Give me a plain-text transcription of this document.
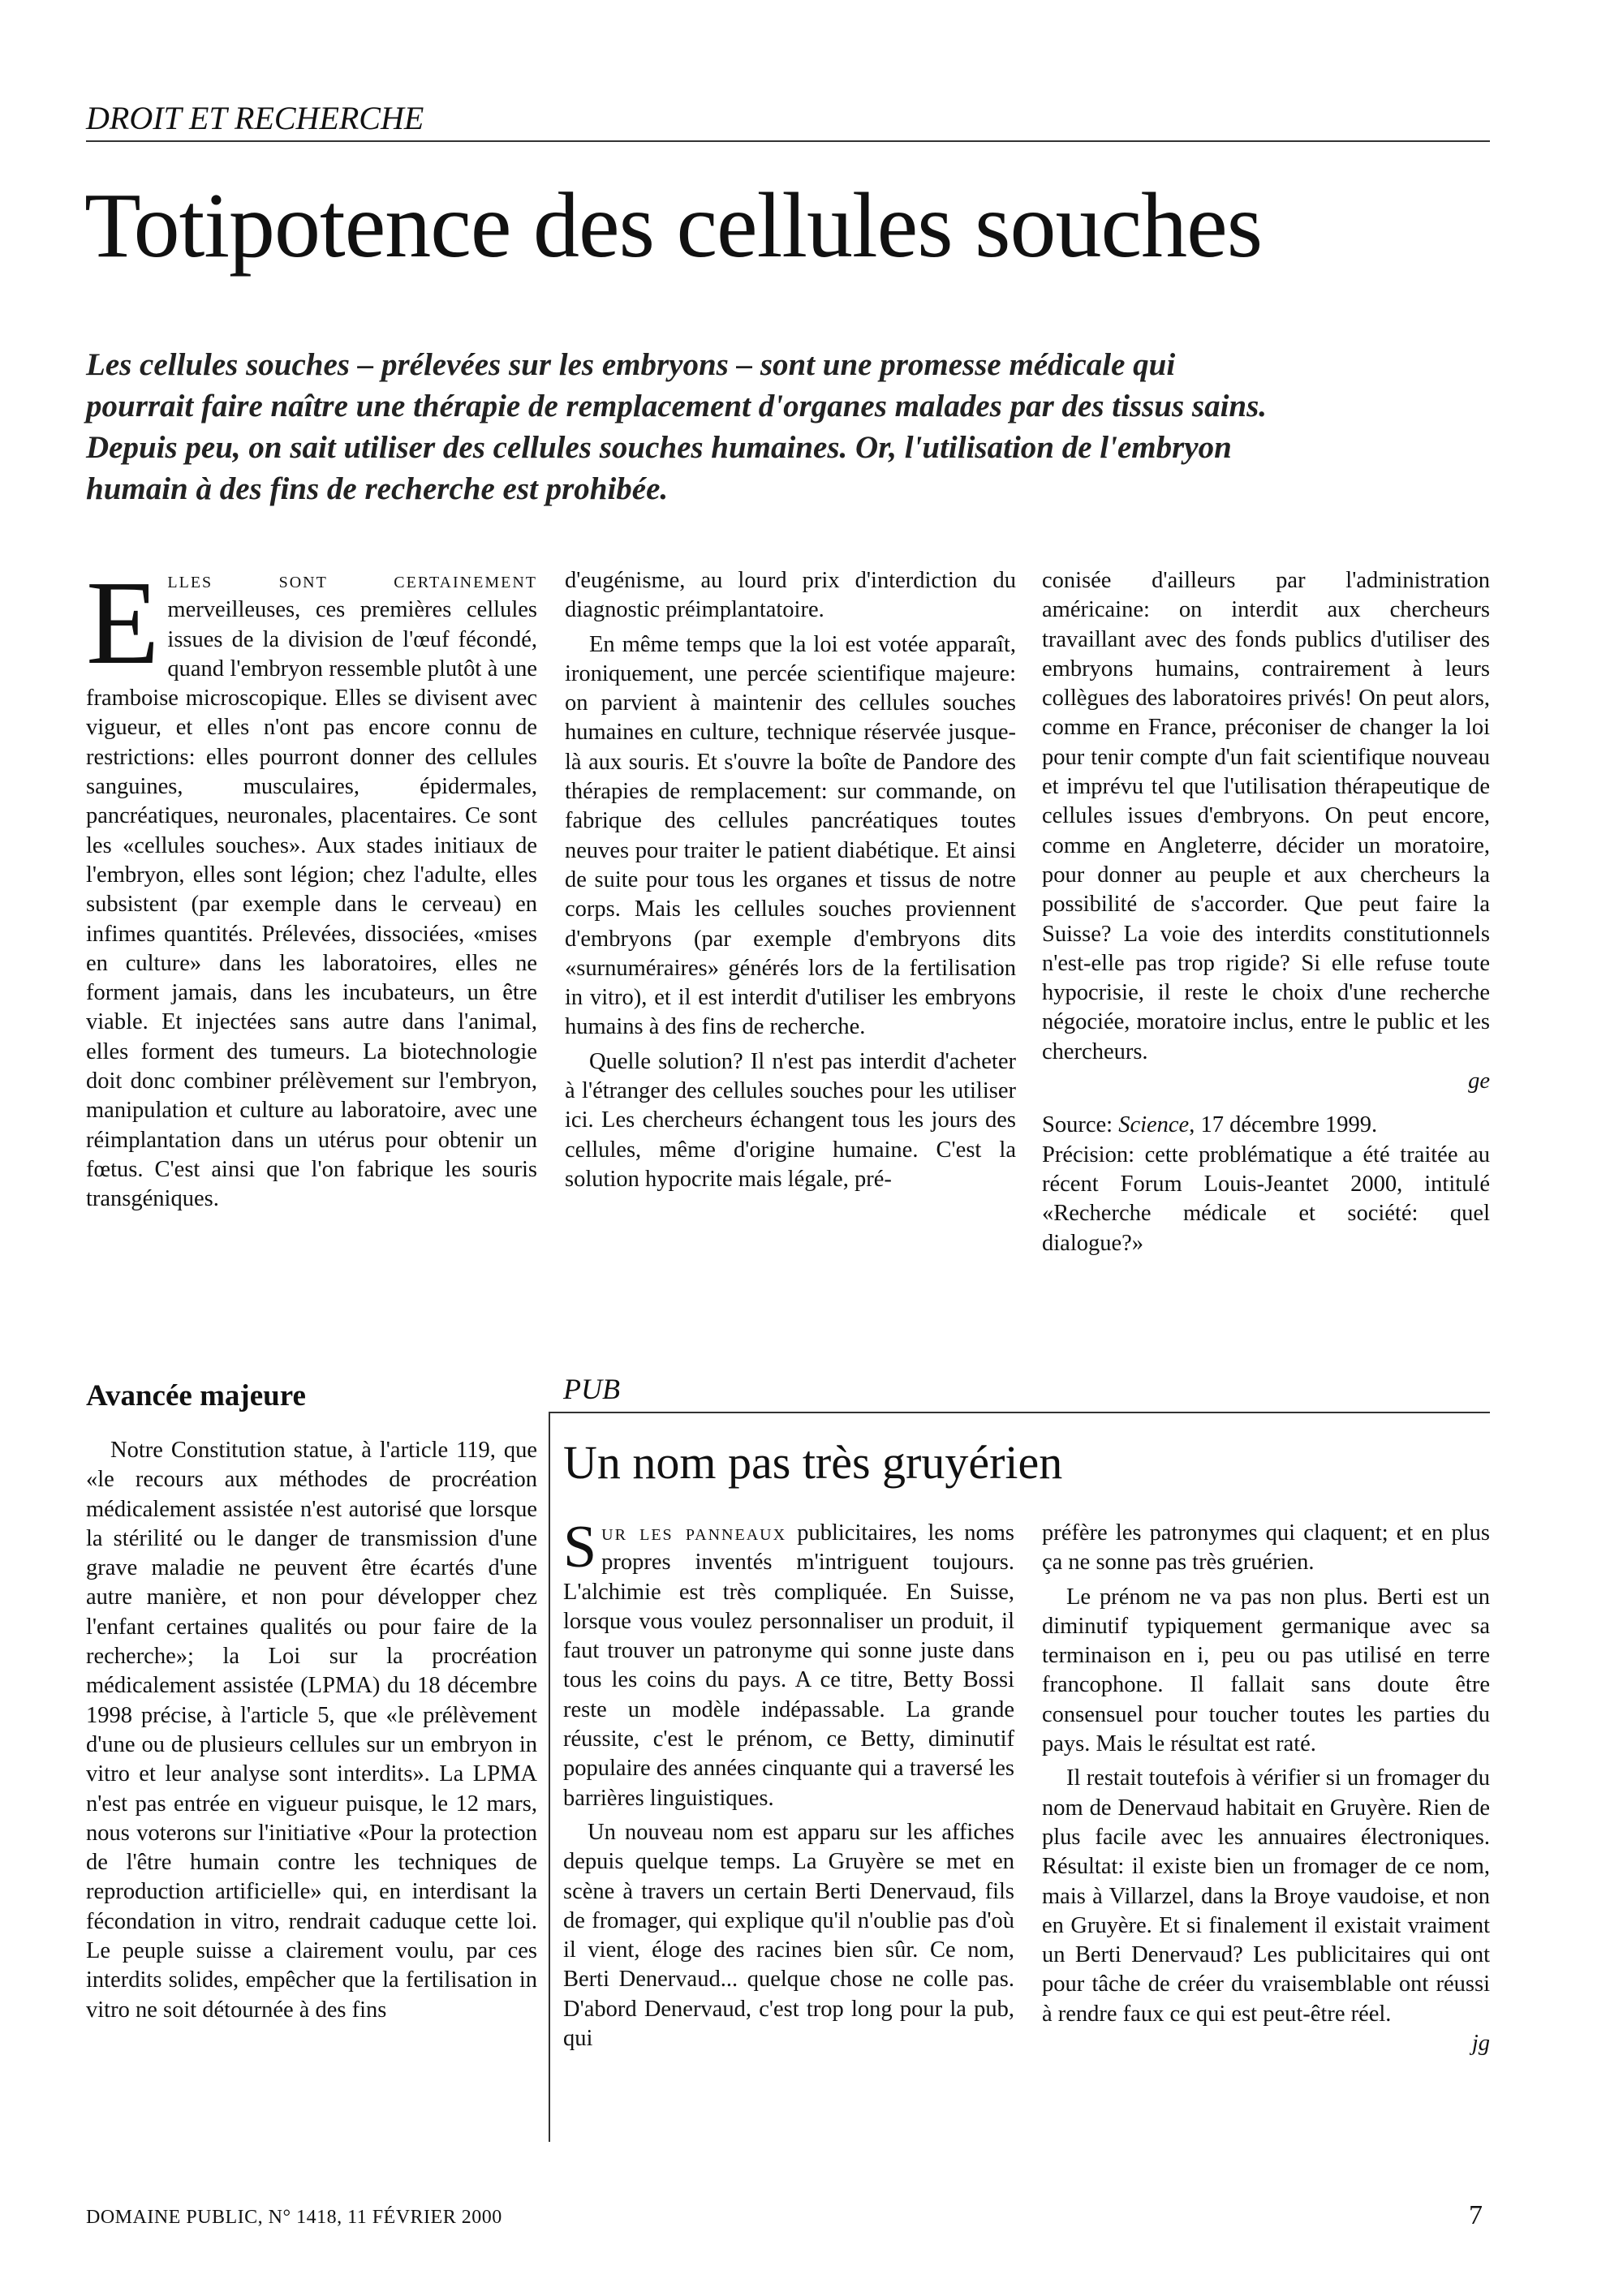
DROIT ET RECHERCHE
Totipotence des cellules souches
Les cellules souches – prélevées sur les embryons – sont une promesse médicale qui pourrait faire naître une thérapie de remplacement d'organes malades par des tissus sains. Depuis peu, on sait utiliser des cellules souches humaines. Or, l'utilisation de l'embryon humain à des fins de recherche est prohibée.

Elles sont certainement merveilleuses, ces premières cellules issues de la division de l'œuf fécondé, quand l'embryon ressemble plutôt à une framboise microscopique. Elles se divisent avec vigueur, et elles n'ont pas encore connu de restrictions: elles pourront donner des cellules sanguines, musculaires, épidermales, pancréatiques, neuronales, placentaires. Ce sont les «cellules souches». Aux stades initiaux de l'embryon, elles sont légion; chez l'adulte, elles subsistent (par exemple dans le cerveau) en infimes quantités. Prélevées, dissociées, «mises en culture» dans les laboratoires, elles ne forment jamais, dans les incubateurs, un être viable. Et injectées sans autre dans l'animal, elles forment des tumeurs. La biotechnologie doit donc combiner prélèvement sur l'embryon, manipulation et culture au laboratoire, avec une réimplantation dans un utérus pour obtenir un fœtus. C'est ainsi que l'on fabrique les souris transgéniques.

Avancée majeure

Notre Constitution statue, à l'article 119, que «le recours aux méthodes de procréation médicalement assistée n'est autorisé que lorsque la stérilité ou le danger de transmission d'une grave maladie ne peuvent être écartés d'une autre manière, et non pour développer chez l'enfant certaines qualités ou pour faire de la recherche»; la Loi sur la procréation médicalement assistée (LPMA) du 18 décembre 1998 précise, à l'article 5, que «le prélèvement d'une ou de plusieurs cellules sur un embryon in vitro et leur analyse sont interdits». La LPMA n'est pas entrée en vigueur puisque, le 12 mars, nous voterons sur l'initiative «Pour la protection de l'être humain contre les techniques de reproduction artificielle» qui, en interdisant la fécondation in vitro, rendrait caduque cette loi. Le peuple suisse a clairement voulu, par ces interdits solides, empêcher que la fertilisation in vitro ne soit détournée à des fins

d'eugénisme, au lourd prix d'interdiction du diagnostic préimplantatoire.

En même temps que la loi est votée apparaît, ironiquement, une percée scientifique majeure: on parvient à maintenir des cellules souches humaines en culture, technique réservée jusque-là aux souris. Et s'ouvre la boîte de Pandore des thérapies de remplacement: sur commande, on fabrique des cellules pancréatiques toutes neuves pour traiter le patient diabétique. Et ainsi de suite pour tous les organes et tissus de notre corps. Mais les cellules souches proviennent d'embryons (par exemple d'embryons dits «surnuméraires» générés lors de la fertilisation in vitro), et il est interdit d'utiliser les embryons humains à des fins de recherche.

Quelle solution? Il n'est pas interdit d'acheter à l'étranger des cellules souches pour les utiliser ici. Les chercheurs échangent tous les jours des cellules, même d'origine humaine. C'est la solution hypocrite mais légale, pré-

conisée d'ailleurs par l'administration américaine: on interdit aux chercheurs travaillant avec des fonds publics d'utiliser des embryons humains, contrairement à leurs collègues des laboratoires privés! On peut alors, comme en France, préconiser de changer la loi pour tenir compte d'un fait scientifique nouveau et imprévu tel que l'utilisation thérapeutique de cellules issues d'embryons. On peut encore, comme en Angleterre, décider un moratoire, pour donner au peuple et aux chercheurs la possibilité de s'accorder. Que peut faire la Suisse? La voie des interdits constitutionnels n'est-elle pas trop rigide? Si elle refuse toute hypocrisie, il reste le choix d'une recherche négociée, moratoire inclus, entre le public et les chercheurs.

ge

Source: Science, 17 décembre 1999.

Précision: cette problématique a été traitée au récent Forum Louis-Jeantet 2000, intitulé «Recherche médicale et société: quel dialogue?»

PUB
Un nom pas très gruyérien

Sur les panneaux publicitaires, les noms propres inventés m'intriguent toujours. L'alchimie est très compliquée. En Suisse, lorsque vous voulez personnaliser un produit, il faut trouver un patronyme qui sonne juste dans tous les coins du pays. A ce titre, Betty Bossi reste un modèle indépassable. La grande réussite, c'est le prénom, ce Betty, diminutif populaire des années cinquante qui a traversé les barrières linguistiques.

Un nouveau nom est apparu sur les affiches depuis quelque temps. La Gruyère se met en scène à travers un certain Berti Denervaud, fils de fromager, qui explique qu'il n'oublie pas d'où il vient, éloge des racines bien sûr. Ce nom, Berti Denervaud... quelque chose ne colle pas. D'abord Denervaud, c'est trop long pour la pub, qui

préfère les patronymes qui claquent; et en plus ça ne sonne pas très gruérien.

Le prénom ne va pas non plus. Berti est un diminutif typiquement germanique avec sa terminaison en i, peu ou pas utilisé en terre francophone. Il fallait sans doute être consensuel pour toucher toutes les parties du pays. Mais le résultat est raté.

Il restait toutefois à vérifier si un fromager du nom de Denervaud habitait en Gruyère. Rien de plus facile avec les annuaires électroniques. Résultat: il existe bien un fromager de ce nom, mais à Villarzel, dans la Broye vaudoise, et non en Gruyère. Et si finalement il existait vraiment un Berti Denervaud? Les publicitaires qui ont pour tâche de créer du vraisemblable ont réussi à rendre faux ce qui est peut-être réel.

jg
DOMAINE PUBLIC, N° 1418, 11 FÉVRIER 2000	7
